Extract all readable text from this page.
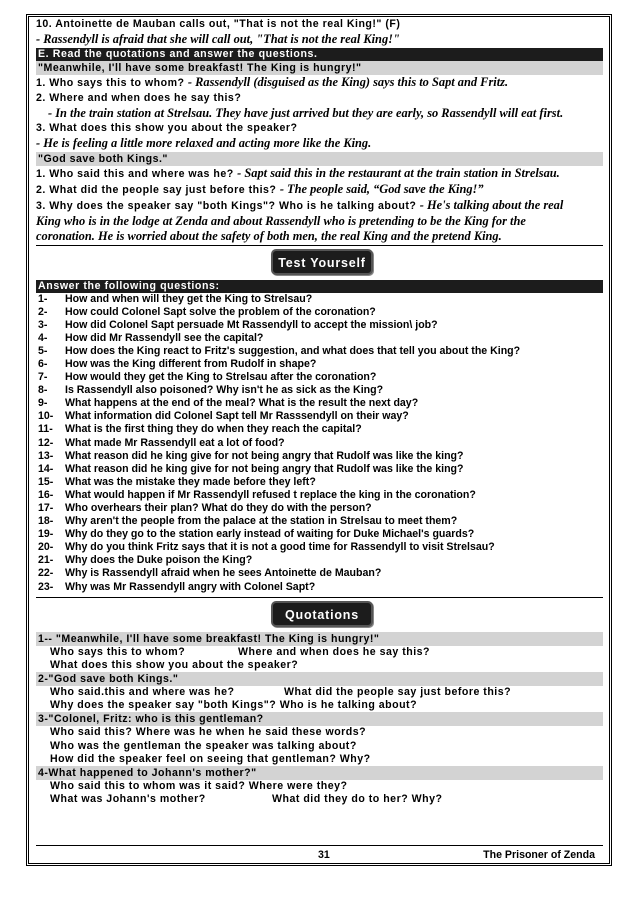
10. Antoinette de Mauban calls out, "That is not the real King!" (F)
- Rassendyll is afraid that she will call out, "That is not the real King!"
E. Read the quotations and answer the questions.
"Meanwhile, I'll have some breakfast! The King is hungry!"
1. Who says this to whom? - Rassendyll (disguised as the King) says this to Sapt and Fritz.
2. Where and when does he say this?
- In the train station at Strelsau. They have just arrived but they are early, so Rassendyll will eat first.
3. What does this show you about the speaker?
- He is feeling a little more relaxed and acting more like the King.
"God save both Kings."
1. Who said this and where was he? - Sapt said this in the restaurant at the train station in Strelsau.
2. What did the people say just before this? - The people said, “God save the King!”
3. Why does the speaker say "both Kings"? Who is he talking about? - He's talking about the real
King who is in the lodge at Zenda and about Rassendyll who is pretending to be the King for the
coronation. He is worried about the safety of both men, the real King and the pretend King.
Test Yourself
Answer the following questions:
1- How and when will they get the King to Strelsau?
2- How could Colonel Sapt solve the problem of the coronation?
3- How did Colonel Sapt persuade Mt Rassendyll to accept the mission\ job?
4- How did Mr Rassendyll see the capital?
5- How does the King react to Fritz's suggestion, and what does that tell you about the King?
6- How was the King different from Rudolf in shape?
7- How would they get the King to Strelsau after the coronation?
8- Is Rassendyll also poisoned? Why isn't he as sick as the King?
9- What happens at the end of the meal? What is the result the next day?
10- What information did Colonel Sapt tell Mr Rasssendyll on their way?
11- What is the first thing they do when they reach the capital?
12- What made Mr Rassendyll eat a lot of food?
13- What reason did he king give for not being angry that Rudolf was like the king?
14- What reason did he king give for not being angry that Rudolf was like the king?
15- What was the mistake they made before they left?
16- What would happen if Mr Rassendyll refused t replace the king in the coronation?
17- Who overhears their plan? What do they do with the person?
18- Why aren't the people from the palace at the station in Strelsau to meet them?
19- Why do they go to the station early instead of waiting for Duke Michael's guards?
20- Why do you think Fritz says that it is not a good time for Rassendyll to visit Strelsau?
21- Why does the Duke poison the King?
22- Why is Rassendyll afraid when he sees Antoinette de Mauban?
23- Why was Mr Rassendyll angry with Colonel Sapt?
Quotations
1-- "Meanwhile, I'll have some breakfast! The King is hungry!"
Who says this to whom?	Where and when does he say this?
What does this show you about the speaker?
2-"God save both Kings."
Who said.this and where was he?	What did the people say just before this?
Why does the speaker say "both Kings"? Who is he talking about?
3-"Colonel, Fritz: who is this gentleman?
Who said this? Where was he when he said these words?
Who was the gentleman the speaker was talking about?
How did the speaker feel on seeing that gentleman? Why?
4-What happened to Johann's mother?"
Who said this to whom was it said? Where were they?
What was Johann's mother?	What did they do to her? Why?
31	The Prisoner of Zenda
